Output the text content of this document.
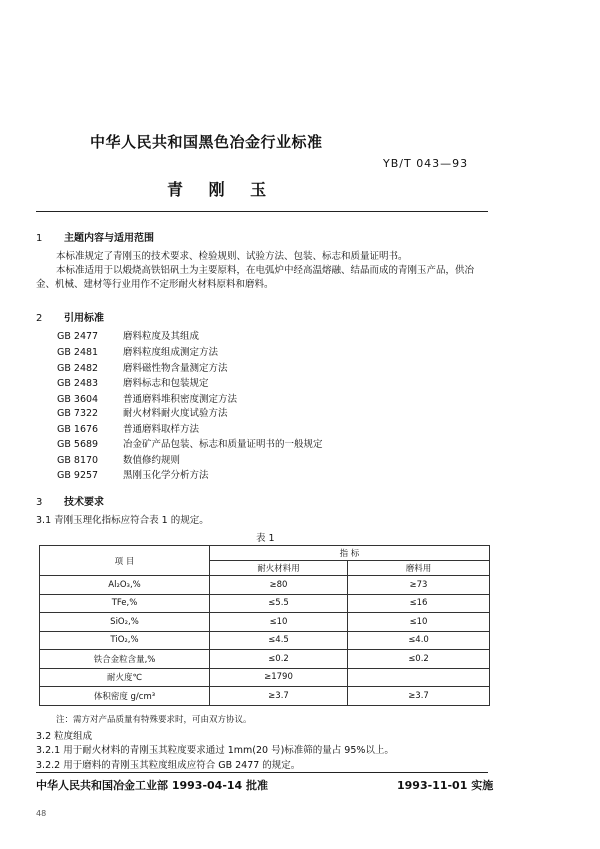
中华人民共和国黑色冶金行业标准
YB/T 043—93
青 刚 玉
1 主题内容与适用范围
本标准规定了青刚玉的技术要求、检验规则、试验方法、包装、标志和质量证明书。
本标准适用于以煅烧高铁铝矾土为主要原料，在电弧炉中经高温熔融、结晶而成的青刚玉产品，供冶金、机械、建材等行业用作不定形耐火材料原料和磨料。
2 引用标准
GB 2477	磨料粒度及其组成
GB 2481	磨料粒度组成测定方法
GB 2482	磨料磁性物含量测定方法
GB 2483	磨料标志和包装规定
GB 3604	普通磨料堆积密度测定方法
GB 7322	耐火材料耐火度试验方法
GB 1676	普通磨料取样方法
GB 5689	冶金矿产品包装、标志和质量证明书的一般规定
GB 8170	数值修约规则
GB 9257	黑刚玉化学分析方法
3 技术要求
3.1 青刚玉理化指标应符合表 1 的规定。
表 1
项 目	指 标	
	耐火材料用	磨料用
Al₂O₃,%	≥80	≥73
TFe,%	≤5.5	≤16
SiO₂,%	≤10	≤10
TiO₂,%	≤4.5	≤4.0
铁合金粒含量,%	≤0.2	≤0.2
耐火度℃	≥1790	
体积密度 g/cm³	≥3.7	≥3.7
注：需方对产品质量有特殊要求时，可由双方协议。
3.2 粒度组成
3.2.1 用于耐火材料的青刚玉其粒度要求通过 1mm(20 号)标准筛的量占 95%以上。
3.2.2 用于磨料的青刚玉其粒度组成应符合 GB 2477 的规定。
中华人民共和国冶金工业部 1993-04-14 批准	1993-11-01 实施
48
